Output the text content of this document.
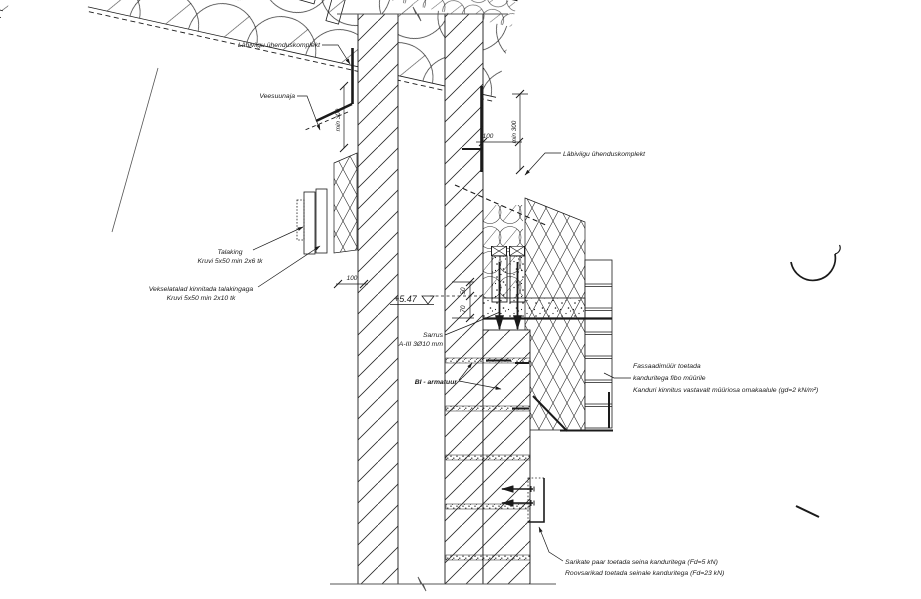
Läbiviigu ühenduskomplekt
Veesuunaja
Talaking
Kruvi 5x50 min 2x6 tk
Vekselatalad kinnitada talakingaga
Kruvi 5x50 min 2x10 tk	+5.47
Sarrus
A-III 3Ø10 mm
BI - armatuur
Läbiviigu ühenduskomplekt
Fassaadimüür toetada
kanduritega fibo müürile
Kanduri kinnitus vastavalt müüriosa omakaalule (gd=2 kN/m²)
Sarikate paar toetada seina kanduritega (Fd=5 kN)
Roovsarikad toetada seinale kanduritega (Fd=23 kN)
min 300
min 300
100
100
50
70
